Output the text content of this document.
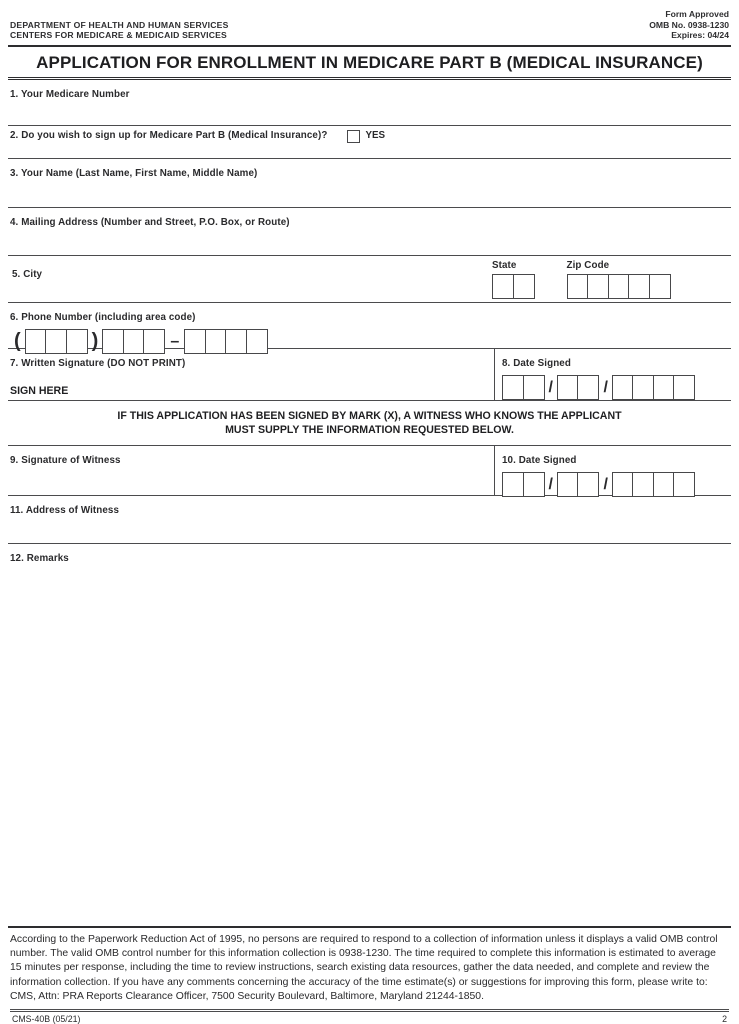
DEPARTMENT OF HEALTH AND HUMAN SERVICES
CENTERS FOR MEDICARE & MEDICAID SERVICES
Form Approved
OMB No. 0938-1230
Expires: 04/24
APPLICATION FOR ENROLLMENT IN MEDICARE PART B (MEDICAL INSURANCE)
1. Your Medicare Number
2. Do you wish to sign up for Medicare Part B (Medical Insurance)?	YES
3. Your Name (Last Name, First Name, Middle Name)
4. Mailing Address (Number and Street, P.O. Box, or Route)
5. City
State	Zip Code
6. Phone Number (including area code)
(	)	–
7. Written Signature (DO NOT PRINT)
SIGN HERE
8. Date Signed
/	/
IF THIS APPLICATION HAS BEEN SIGNED BY MARK (X), A WITNESS WHO KNOWS THE APPLICANT
MUST SUPPLY THE INFORMATION REQUESTED BELOW.
9. Signature of Witness	10. Date Signed
/	/
11. Address of Witness
12. Remarks
According to the Paperwork Reduction Act of 1995, no persons are required to respond to a collection of information unless it displays a valid OMB control number. The valid OMB control number for this information collection is 0938-1230. The time required to complete this information is estimated to average 15 minutes per response, including the time to review instructions, search existing data resources, gather the data needed, and complete and review the information collection. If you have any comments concerning the accuracy of the time estimate(s) or suggestions for improving this form, please write to: CMS, Attn: PRA Reports Clearance Officer, 7500 Security Boulevard, Baltimore, Maryland 21244-1850.
CMS-40B (05/21)	2
